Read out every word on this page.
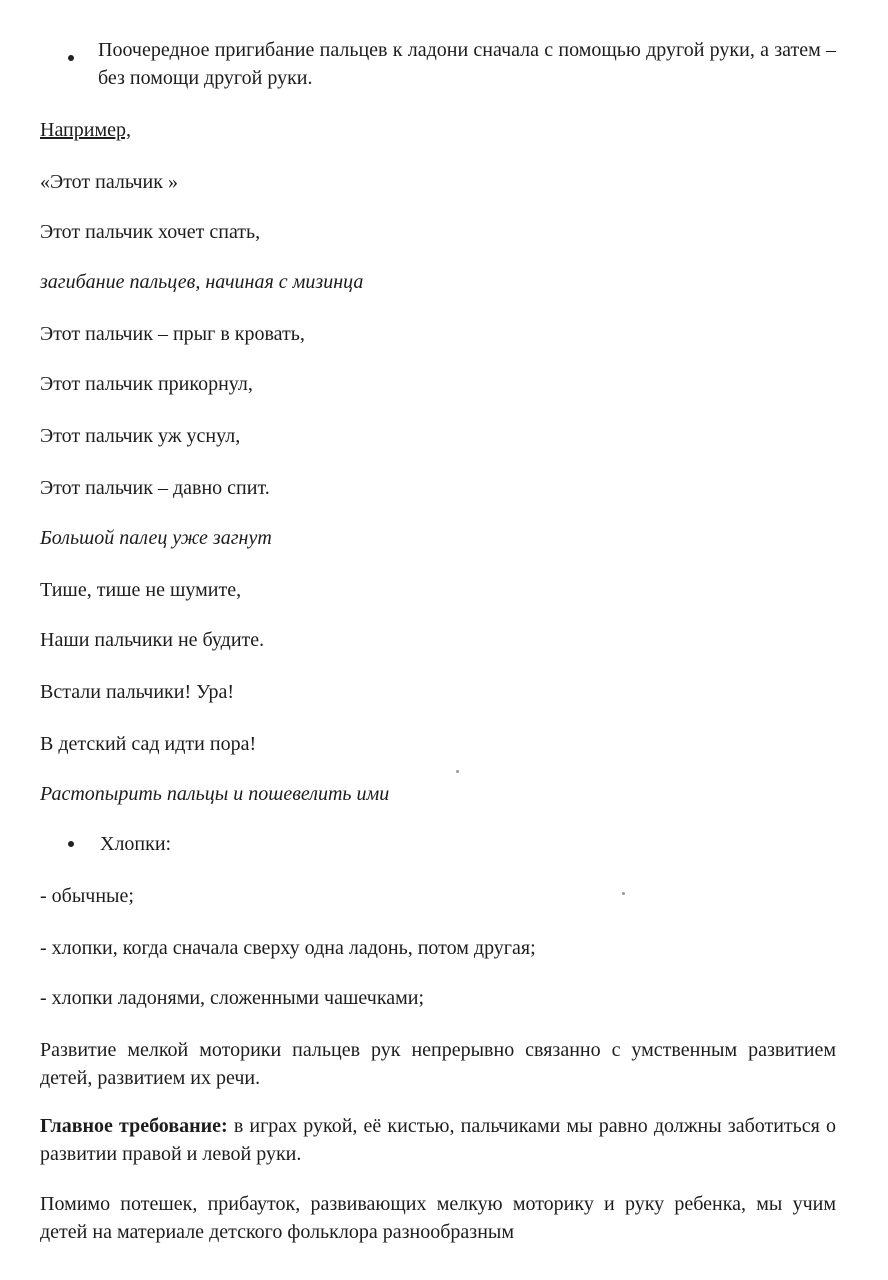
Поочередное пригибание пальцев к ладони сначала с помощью другой руки, а затем – без помощи другой руки.
Например,
«Этот пальчик »
Этот пальчик хочет спать,
загибание пальцев, начиная с мизинца
Этот пальчик – прыг в кровать,
Этот пальчик прикорнул,
Этот пальчик уж уснул,
Этот пальчик – давно спит.
Большой палец уже загнут
Тише, тише не шумите,
Наши пальчики не будите.
Встали пальчики! Ура!
В детский сад идти пора!
Растопырить пальцы и пошевелить ими
Хлопки:
- обычные;
- хлопки, когда сначала сверху одна ладонь, потом другая;
- хлопки ладонями, сложенными чашечками;
Развитие мелкой моторики пальцев рук непрерывно связанно с умственным развитием детей, развитием их речи.
Главное требование: в играх рукой, её кистью, пальчиками мы равно должны заботиться о развитии правой и левой руки.
Помимо потешек, прибауток, развивающих мелкую моторику и руку ребенка, мы учим детей на материале детского фольклора разнообразным
